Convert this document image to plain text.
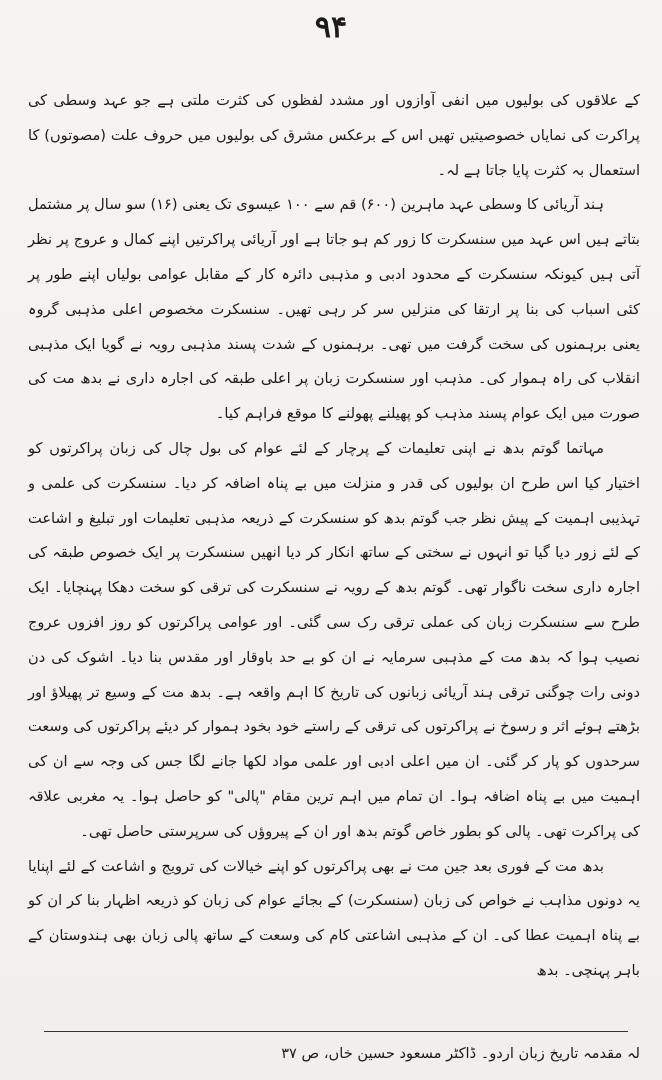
۹۴

کے علاقوں کی بولیوں میں انفی آوازوں اور مشدد لفظوں کی کثرت ملتی ہے جو عہد وسطی کی پراکرت کی نمایاں خصوصیتیں تھیں اس کے برعکس مشرق کی بولیوں میں حروف علت (مصوتوں) کا استعمال بہ کثرت پایا جاتا ہے لہ۔

ہند آریائی کا وسطی عہد ماہرین (۶۰۰) قم سے ۱۰۰ عیسوی تک یعنی (۱۶) سو سال پر مشتمل بتاتے ہیں اس عہد میں سنسکرت کا زور کم ہو جاتا ہے اور آریائی پراکرتیں اپنے کمال و عروج پر نظر آتی ہیں کیونکہ سنسکرت کے محدود ادبی و مذہبی دائرہ کار کے مقابل عوامی بولیاں اپنے طور پر کئی اسباب کی بنا پر ارتقا کی منزلیں سر کر رہی تھیں۔ سنسکرت مخصوص اعلی مذہبی گروہ یعنی برہمنوں کی سخت گرفت میں تھی۔ برہمنوں کے شدت پسند مذہبی رویہ نے گویا ایک مذہبی انقلاب کی راہ ہموار کی۔ مذہب اور سنسکرت زبان پر اعلی طبقہ کی اجارہ داری نے بدھ مت کی صورت میں ایک عوام پسند مذہب کو پھیلنے پھولنے کا موقع فراہم کیا۔

مہاتما گوتم بدھ نے اپنی تعلیمات کے پرچار کے لئے عوام کی بول چال کی زبان پراکرتوں کو اختیار کیا اس طرح ان بولیوں کی قدر و منزلت میں بے پناہ اضافہ کر دیا۔ سنسکرت کی علمی و تہذیبی اہمیت کے پیش نظر جب گوتم بدھ کو سنسکرت کے ذریعہ مذہبی تعلیمات اور تبلیغ و اشاعت کے لئے زور دیا گیا تو انہوں نے سختی کے ساتھ انکار کر دیا انھیں سنسکرت پر ایک خصوص طبقہ کی اجارہ داری سخت ناگوار تھی۔ گوتم بدھ کے رویہ نے سنسکرت کی ترقی کو سخت دھکا پہنچایا۔ ایک طرح سے سنسکرت زبان کی عملی ترقی رک سی گئی۔ اور عوامی پراکرتوں کو روز افزوں عروج نصیب ہوا کہ بدھ مت کے مذہبی سرمایہ نے ان کو بے حد باوقار اور مقدس بنا دیا۔ اشوک کی دن دونی رات چوگنی ترقی ہند آریائی زبانوں کی تاریخ کا اہم واقعہ ہے۔ بدھ مت کے وسیع تر پھیلاؤ اور بڑھتے ہوئے اثر و رسوخ نے پراکرتوں کی ترقی کے راستے خود بخود ہموار کر دیئے پراکرتوں کی وسعت سرحدوں کو پار کر گئی۔ ان میں اعلی ادبی اور علمی مواد لکھا جانے لگا جس کی وجہ سے ان کی اہمیت میں بے پناہ اضافہ ہوا۔ ان تمام میں اہم ترین مقام "پالی" کو حاصل ہوا۔ یہ مغربی علاقہ کی پراکرت تھی۔ پالی کو بطور خاص گوتم بدھ اور ان کے پیروؤں کی سرپرستی حاصل تھی۔

بدھ مت کے فوری بعد جین مت نے بھی پراکرتوں کو اپنے خیالات کی ترویج و اشاعت کے لئے اپنایا یہ دونوں مذاہب نے خواص کی زبان (سنسکرت) کے بجائے عوام کی زبان کو ذریعہ اظہار بنا کر ان کو بے پناہ اہمیت عطا کی۔ ان کے مذہبی اشاعتی کام کی وسعت کے ساتھ پالی زبان بھی ہندوستان کے باہر پہنچی۔ بدھ

لہ مقدمہ تاریخ زبان اردو۔ ڈاکٹر مسعود حسین خاں، ص ۳۷
